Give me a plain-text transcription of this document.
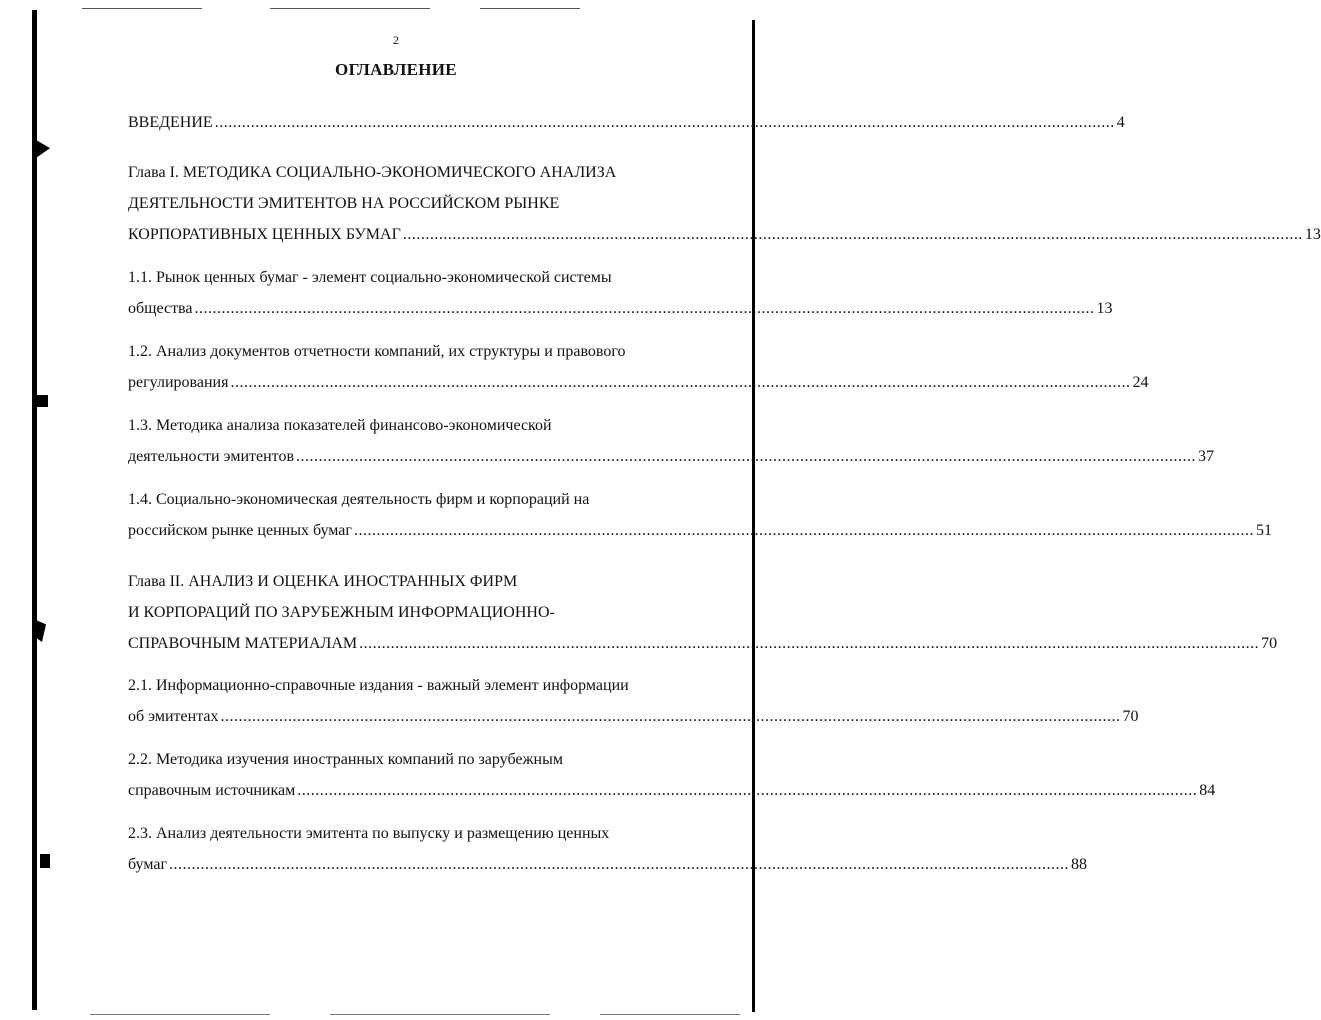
2
ОГЛАВЛЕНИЕ
ВВЕДЕНИЕ ........................................................................................................................................................................................................ 4
Глава I. МЕТОДИКА СОЦИАЛЬНО-ЭКОНОМИЧЕСКОГО АНАЛИЗА
ДЕЯТЕЛЬНОСТИ ЭМИТЕНТОВ НА РОССИЙСКОМ РЫНКЕ
КОРПОРАТИВНЫХ ЦЕННЫХ БУМАГ ........................................................................................................................................................................................................ 13
1.1. Рынок ценных бумаг - элемент социально-экономической системы
общества ........................................................................................................................................................................................................ 13
1.2. Анализ документов отчетности компаний, их структуры и правового
регулирования ........................................................................................................................................................................................................ 24
1.3. Методика анализа показателей финансово-экономической
деятельности эмитентов ........................................................................................................................................................................................................ 37
1.4. Социально-экономическая деятельность фирм и корпораций на
российском рынке ценных бумаг ........................................................................................................................................................................................................ 51
Глава II. АНАЛИЗ И ОЦЕНКА ИНОСТРАННЫХ ФИРМ
И КОРПОРАЦИЙ ПО ЗАРУБЕЖНЫМ ИНФОРМАЦИОННО-
СПРАВОЧНЫМ МАТЕРИАЛАМ ........................................................................................................................................................................................................ 70
2.1. Информационно-справочные издания - важный элемент информации
об эмитентах ........................................................................................................................................................................................................ 70
2.2. Методика изучения иностранных компаний по зарубежным
справочным источникам ........................................................................................................................................................................................................ 84
2.3. Анализ деятельности эмитента по выпуску и размещению ценных
бумаг ........................................................................................................................................................................................................ 88
